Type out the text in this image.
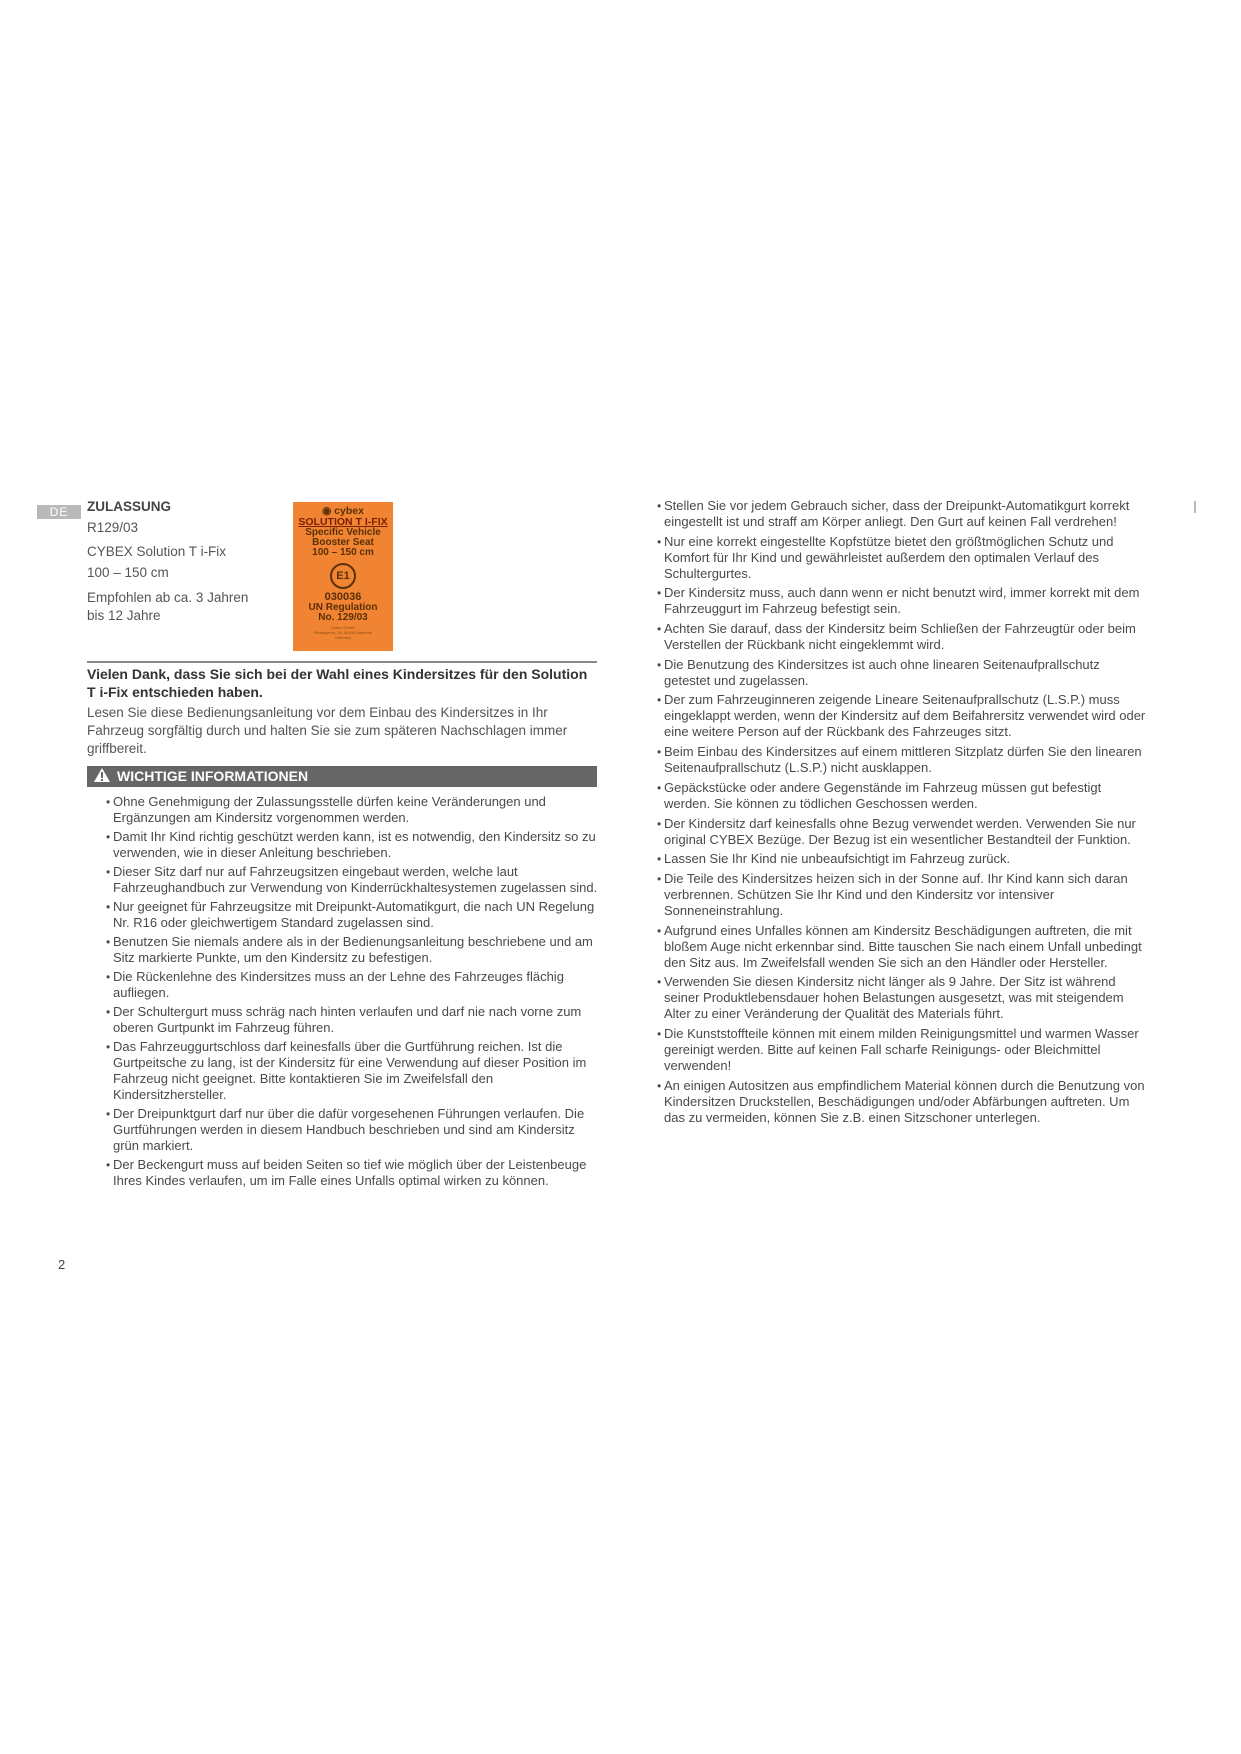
DE	ZULASSUNG
R129/03
CYBEX Solution T i-Fix
100 – 150 cm
Empfohlen ab ca. 3 Jahren
bis 12 Jahre
◉ cybex
SOLUTION T I-FIX
Specific Vehicle
Booster Seat
100 – 150 cm
E1
030036
UN Regulation
No. 129/03
Cybex GmbH
Riedingerstr. 18, 95448 Bayreuth
Germany
Vielen Dank, dass Sie sich bei der Wahl eines Kindersitzes für den Solution T i-Fix entschieden haben.
Lesen Sie diese Bedienungsanleitung vor dem Einbau des Kindersitzes in Ihr Fahrzeug sorgfältig durch und halten Sie sie zum späteren Nachschlagen immer griffbereit.
WICHTIGE INFORMATIONEN
• Ohne Genehmigung der Zulassungsstelle dürfen keine Veränderungen und Ergänzungen am Kindersitz vorgenommen werden.
• Damit Ihr Kind richtig geschützt werden kann, ist es notwendig, den Kindersitz so zu verwenden, wie in dieser Anleitung beschrieben.
• Dieser Sitz darf nur auf Fahrzeugsitzen eingebaut werden, welche laut Fahrzeughandbuch zur Verwendung von Kinderrückhaltesystemen zugelassen sind.
• Nur geeignet für Fahrzeugsitze mit Dreipunkt-Automatikgurt, die nach UN Regelung Nr. R16 oder gleichwertigem Standard zugelassen sind.
• Benutzen Sie niemals andere als in der Bedienungsanleitung beschriebene und am Sitz markierte Punkte, um den Kindersitz zu befestigen.
• Die Rückenlehne des Kindersitzes muss an der Lehne des Fahrzeuges flächig aufliegen.
• Der Schultergurt muss schräg nach hinten verlaufen und darf nie nach vorne zum oberen Gurtpunkt im Fahrzeug führen.
• Das Fahrzeuggurtschloss darf keinesfalls über die Gurtführung reichen. Ist die Gurtpeitsche zu lang, ist der Kindersitz für eine Verwendung auf dieser Position im Fahrzeug nicht geeignet. Bitte kontaktieren Sie im Zweifelsfall den Kindersitzhersteller.
• Der Dreipunktgurt darf nur über die dafür vorgesehenen Führungen verlaufen. Die Gurtführungen werden in diesem Handbuch beschrieben und sind am Kindersitz grün markiert.
• Der Beckengurt muss auf beiden Seiten so tief wie möglich über der Leistenbeuge Ihres Kindes verlaufen, um im Falle eines Unfalls optimal wirken zu können.
• Stellen Sie vor jedem Gebrauch sicher, dass der Dreipunkt-Automatikgurt korrekt eingestellt ist und straff am Körper anliegt. Den Gurt auf keinen Fall verdrehen!
• Nur eine korrekt eingestellte Kopfstütze bietet den größtmöglichen Schutz und Komfort für Ihr Kind und gewährleistet außerdem den optimalen Verlauf des Schultergurtes.
• Der Kindersitz muss, auch dann wenn er nicht benutzt wird, immer korrekt mit dem Fahrzeuggurt im Fahrzeug befestigt sein.
• Achten Sie darauf, dass der Kindersitz beim Schließen der Fahrzeugtür oder beim Verstellen der Rückbank nicht eingeklemmt wird.
• Die Benutzung des Kindersitzes ist auch ohne linearen Seitenaufprallschutz getestet und zugelassen.
• Der zum Fahrzeuginneren zeigende Lineare Seitenaufprallschutz (L.S.P.) muss eingeklappt werden, wenn der Kindersitz auf dem Beifahrersitz verwendet wird oder eine weitere Person auf der Rückbank des Fahrzeuges sitzt.
• Beim Einbau des Kindersitzes auf einem mittleren Sitzplatz dürfen Sie den linearen Seitenaufprallschutz (L.S.P.) nicht ausklappen.
• Gepäckstücke oder andere Gegenstände im Fahrzeug müssen gut befestigt werden. Sie können zu tödlichen Geschossen werden.
• Der Kindersitz darf keinesfalls ohne Bezug verwendet werden. Verwenden Sie nur original CYBEX Bezüge. Der Bezug ist ein wesentlicher Bestandteil der Funktion.
• Lassen Sie Ihr Kind nie unbeaufsichtigt im Fahrzeug zurück.
• Die Teile des Kindersitzes heizen sich in der Sonne auf. Ihr Kind kann sich daran verbrennen. Schützen Sie Ihr Kind und den Kindersitz vor intensiver Sonneneinstrahlung.
• Aufgrund eines Unfalles können am Kindersitz Beschädigungen auftreten, die mit bloßem Auge nicht erkennbar sind. Bitte tauschen Sie nach einem Unfall unbedingt den Sitz aus. Im Zweifelsfall wenden Sie sich an den Händler oder Hersteller.
• Verwenden Sie diesen Kindersitz nicht länger als 9 Jahre. Der Sitz ist während seiner Produktlebensdauer hohen Belastungen ausgesetzt, was mit steigendem Alter zu einer Veränderung der Qualität des Materials führt.
• Die Kunststoffteile können mit einem milden Reinigungsmittel und warmen Wasser gereinigt werden. Bitte auf keinen Fall scharfe Reinigungs- oder Bleichmittel verwenden!
• An einigen Autositzen aus empfindlichem Material können durch die Benutzung von Kindersitzen Druckstellen, Beschädigungen und/oder Abfärbungen auftreten. Um das zu vermeiden, können Sie z.B. einen Sitzschoner unterlegen.
2
